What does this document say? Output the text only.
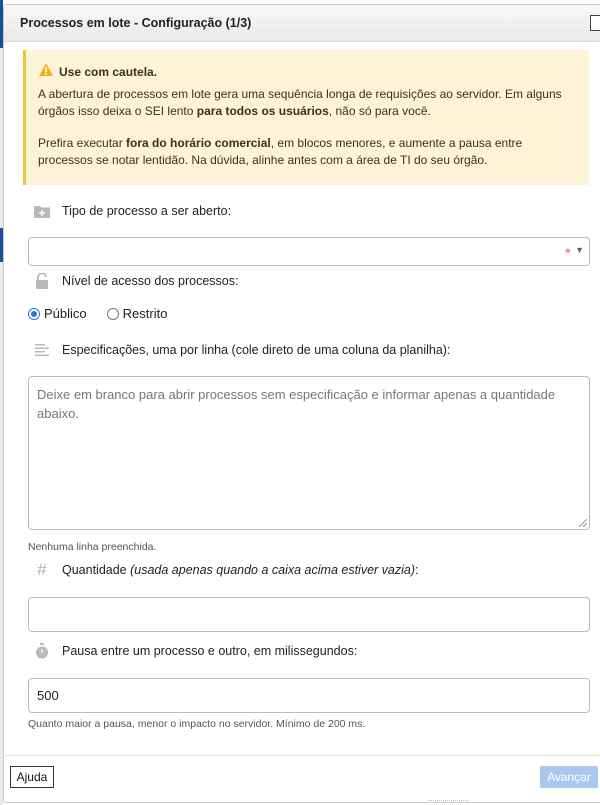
Processos em lote - Configuração (1/3)
Use com cautela.

A abertura de processos em lote gera uma sequência longa de requisições ao servidor. Em alguns órgãos isso deixa o SEI lento para todos os usuários, não só para você.

Prefira executar fora do horário comercial, em blocos menores, e aumente a pausa entre processos se notar lentidão. Na dúvida, alinhe antes com a área de TI do seu órgão.

Tipo de processo a ser aberto:
* ▼
Nível de acesso dos processos:
Público	Restrito
Especificações, uma por linha (cole direto de uma coluna da planilha):
Deixe em branco para abrir processos sem especificação e informar apenas a quantidade abaixo.
Nenhuma linha preenchida.
# Quantidade (usada apenas quando a caixa acima estiver vazia):
Pausa entre um processo e outro, em milissegundos:
500
Quanto maior a pausa, menor o impacto no servidor. Mínimo de 200 ms.
Ajuda	Avançar
